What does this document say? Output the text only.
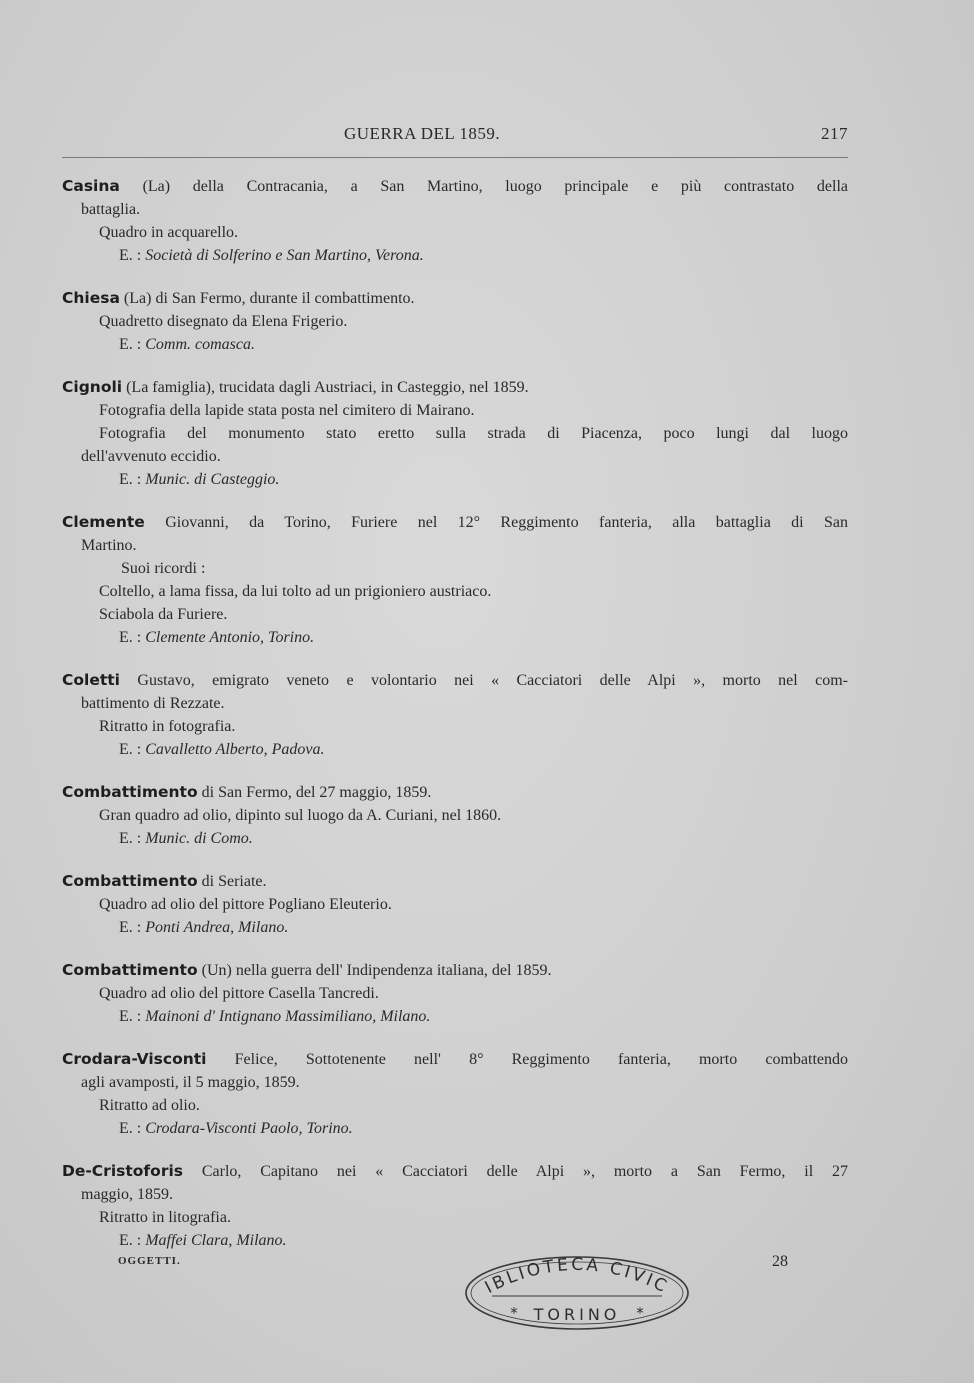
GUERRA DEL 1859.	217
Casina (La) della Contracania, a San Martino, luogo principale e più contrastato della
battaglia.
Quadro in acquarello.
E. : Società di Solferino e San Martino, Verona.
Chiesa (La) di San Fermo, durante il combattimento.
Quadretto disegnato da Elena Frigerio.
E. : Comm. comasca.
Cignoli (La famiglia), trucidata dagli Austriaci, in Casteggio, nel 1859.
Fotografia della lapide stata posta nel cimitero di Mairano.
Fotografia del monumento stato eretto sulla strada di Piacenza, poco lungi dal luogo
dell'avvenuto eccidio.
E. : Munic. di Casteggio.
Clemente Giovanni, da Torino, Furiere nel 12° Reggimento fanteria, alla battaglia di San
Martino.
Suoi ricordi :
Coltello, a lama fissa, da lui tolto ad un prigioniero austriaco.
Sciabola da Furiere.
E. : Clemente Antonio, Torino.
Coletti Gustavo, emigrato veneto e volontario nei « Cacciatori delle Alpi », morto nel com-
battimento di Rezzate.
Ritratto in fotografia.
E. : Cavalletto Alberto, Padova.
Combattimento di San Fermo, del 27 maggio, 1859.
Gran quadro ad olio, dipinto sul luogo da A. Curiani, nel 1860.
E. : Munic. di Como.
Combattimento di Seriate.
Quadro ad olio del pittore Pogliano Eleuterio.
E. : Ponti Andrea, Milano.
Combattimento (Un) nella guerra dell' Indipendenza italiana, del 1859.
Quadro ad olio del pittore Casella Tancredi.
E. : Mainoni d' Intignano Massimiliano, Milano.
Crodara-Visconti Felice, Sottotenente nell' 8° Reggimento fanteria, morto combattendo
agli avamposti, il 5 maggio, 1859.
Ritratto ad olio.
E. : Crodara-Visconti Paolo, Torino.
De-Cristoforis Carlo, Capitano nei « Cacciatori delle Alpi », morto a San Fermo, il 27
maggio, 1859.
Ritratto in litografia.
E. : Maffei Clara, Milano.
OGGETTI.	28
IBLIOTECA CIVIC
TORINO
*	*
